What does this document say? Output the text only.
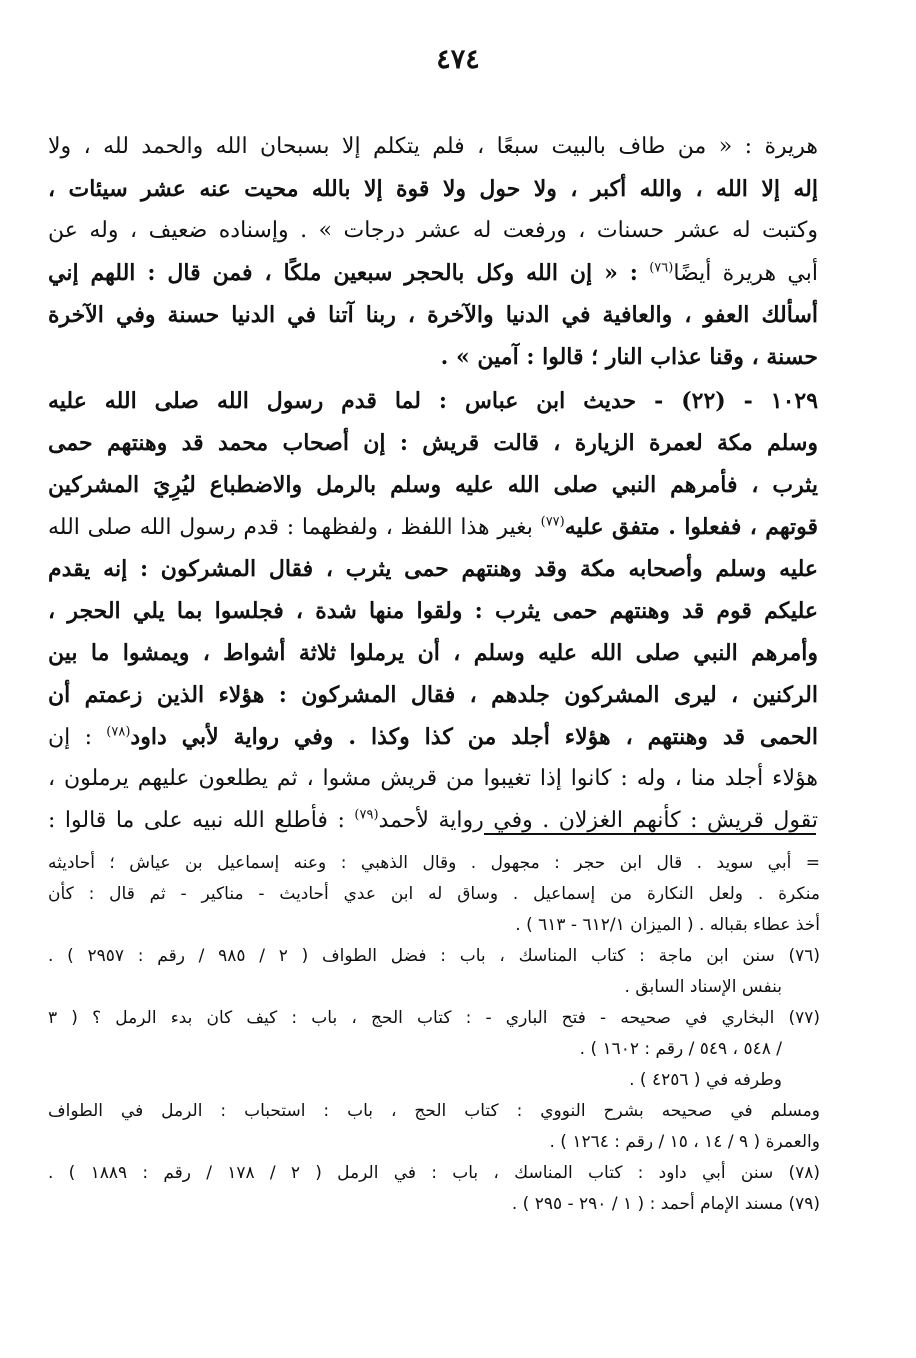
٤٧٤
هريرة : « من طاف بالبيت سبعًا ، فلم يتكلم إلا بسبحان الله والحمد لله ، ولا
إله إلا الله ، والله أكبر ، ولا حول ولا قوة إلا بالله محيت عنه عشر سيئات ،
وكتبت له عشر حسنات ، ورفعت له عشر درجات » . وإسناده ضعيف ، وله عن
أبي هريرة أيضًا$^{(٧٦)}$ : « إن الله وكل بالحجر سبعين ملكًا ، فمن قال : اللهم إني
أسألك العفو ، والعافية في الدنيا والآخرة ، ربنا آتنا في الدنيا حسنة وفي الآخرة
حسنة ، وقنا عذاب النار ؛ قالوا : آمين » .
١٠٢٩ - (٢٢) - حديث ابن عباس : لما قدم رسول الله صلى الله عليه
وسلم مكة لعمرة الزيارة ، قالت قريش : إن أصحاب محمد قد وهنتهم حمى
يثرب ، فأمرهم النبي صلى الله عليه وسلم بالرمل والاضطباع ليُرِيَ المشركين
قوتهم ، ففعلوا . متفق عليه$^{(٧٧)}$ بغير هذا اللفظ ، ولفظهما : قدم رسول الله صلى الله
عليه وسلم وأصحابه مكة وقد وهنتهم حمى يثرب ، فقال المشركون : إنه يقدم
عليكم قوم قد وهنتهم حمى يثرب : ولقوا منها شدة ، فجلسوا بما يلي الحجر ،
وأمرهم النبي صلى الله عليه وسلم ، أن يرملوا ثلاثة أشواط ، ويمشوا ما بين
الركنين ، ليرى المشركون جلدهم ، فقال المشركون : هؤلاء الذين زعمتم أن
الحمى قد وهنتهم ، هؤلاء أجلد من كذا وكذا . وفي رواية لأبي داود$^{(٧٨)}$ : إن
هؤلاء أجلد منا ، وله : كانوا إذا تغيبوا من قريش مشوا ، ثم يطلعون عليهم يرملون ،
تقول قريش : كأنهم الغزلان . وفي رواية لأحمد$^{(٧٩)}$ : فأطلع الله نبيه على ما قالوا :
= أبي سويد . قال ابن حجر : مجهول . وقال الذهبي : وعنه إسماعيل بن عياش ؛ أحاديثه
منكرة . ولعل النكارة من إسماعيل . وساق له ابن عدي أحاديث - مناكير - ثم قال : كأن
أخذ عطاء بقباله . ( الميزان ٦١٢/١ - ٦١٣ ) .
(٧٦) سنن ابن ماجة : كتاب المناسك ، باب : فضل الطواف ( ٢ / ٩٨٥ / رقم : ٢٩٥٧ ) .
بنفس الإسناد السابق .
(٧٧) البخاري في صحيحه - فتح الباري - : كتاب الحج ، باب : كيف كان بدء الرمل ؟ ( ٣
/ ٥٤٨ ، ٥٤٩ / رقم : ١٦٠٢ ) .
وطرفه في ( ٤٢٥٦ ) .
ومسلم في صحيحه بشرح النووي : كتاب الحج ، باب : استحباب : الرمل في الطواف
والعمرة ( ٩ / ١٤ ، ١٥ / رقم : ١٢٦٤ ) .
(٧٨) سنن أبي داود : كتاب المناسك ، باب : في الرمل ( ٢ / ١٧٨ / رقم : ١٨٨٩ ) .
(٧٩) مسند الإمام أحمد : ( ١ / ٢٩٠ - ٢٩٥ ) .
